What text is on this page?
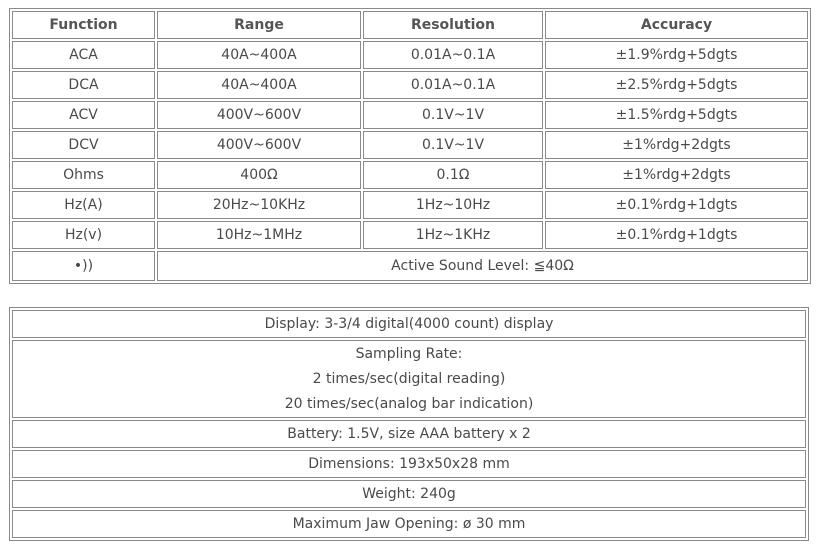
Function	Range	Resolution	Accuracy
ACA	40A~400A	0.01A~0.1A	±1.9%rdg+5dgts
DCA	40A~400A	0.01A~0.1A	±2.5%rdg+5dgts
ACV	400V~600V	0.1V~1V	±1.5%rdg+5dgts
DCV	400V~600V	0.1V~1V	±1%rdg+2dgts
Ohms	400Ω	0.1Ω	±1%rdg+2dgts
Hz(A)	20Hz~10KHz	1Hz~10Hz	±0.1%rdg+1dgts
Hz(v)	10Hz~1MHz	1Hz~1KHz	±0.1%rdg+1dgts
•))	Active Sound Level: ≦40Ω		
Display: 3-3/4 digital(4000 count) display

Sampling Rate:
2 times/sec(digital reading)
20 times/sec(analog bar indication)

Battery: 1.5V, size AAA battery x 2
Dimensions: 193x50x28 mm
Weight: 240g
Maximum Jaw Opening: ø 30 mm
